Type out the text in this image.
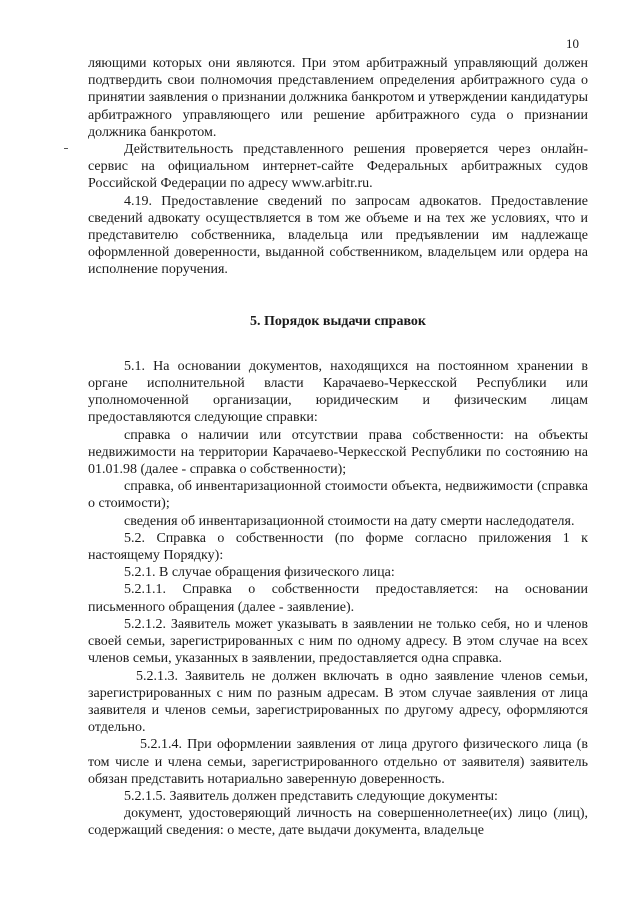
10

ляющими которых они являются. При этом арбитражный управляющий должен подтвердить свои полномочия представлением определения арбитражного суда о принятии заявления о признании должника банкротом и утверждении кандидатуры арбитражного управляющего или решение арбитражного суда о признании должника банкротом.

Действительность представленного решения проверяется через онлайн-сервис на официальном интернет-сайте Федеральных арбитражных судов Российской Федерации по адресу www.arbitr.ru.

4.19. Предоставление сведений по запросам адвокатов. Предоставление сведений адвокату осуществляется в том же объеме и на тех же условиях, что и представителю собственника, владельца или предъявлении им надлежаще оформленной доверенности, выданной собственником, владельцем или ордера на исполнение поручения.

5. Порядок выдачи справок

5.1. На основании документов, находящихся на постоянном хранении в органе исполнительной власти Карачаево-Черкесской Республики или уполномоченной организации, юридическим и физическим лицам предоставляются следующие справки:

справка о наличии или отсутствии права собственности: на объекты недвижимости на территории Карачаево-Черкесской Республики по состоянию на 01.01.98 (далее - справка о собственности);

справка, об инвентаризационной стоимости объекта, недвижимости (справка о стоимости);

сведения об инвентаризационной стоимости на дату смерти наследодателя.

5.2. Справка о собственности (по форме согласно приложения 1 к настоящему Порядку):

5.2.1. В случае обращения физического лица:

5.2.1.1. Справка о собственности предоставляется: на основании письменного обращения (далее - заявление).

5.2.1.2. Заявитель может указывать в заявлении не только себя, но и членов своей семьи, зарегистрированных с ним по одному адресу. В этом случае на всех членов семьи, указанных в заявлении, предоставляется одна справка.

5.2.1.3. Заявитель не должен включать в одно заявление членов семьи, зарегистрированных с ним по разным адресам. В этом случае заявления от лица заявителя и членов семьи, зарегистрированных по другому адресу, оформляются отдельно.

5.2.1.4. При оформлении заявления от лица другого физического лица (в том числе и члена семьи, зарегистрированного отдельно от заявителя) заявитель обязан представить нотариально заверенную доверенность.

5.2.1.5. Заявитель должен представить следующие документы:

документ, удостоверяющий личность на совершеннолетнее(их) лицо (лиц), содержащий сведения: о месте, дате выдачи документа, владельце
